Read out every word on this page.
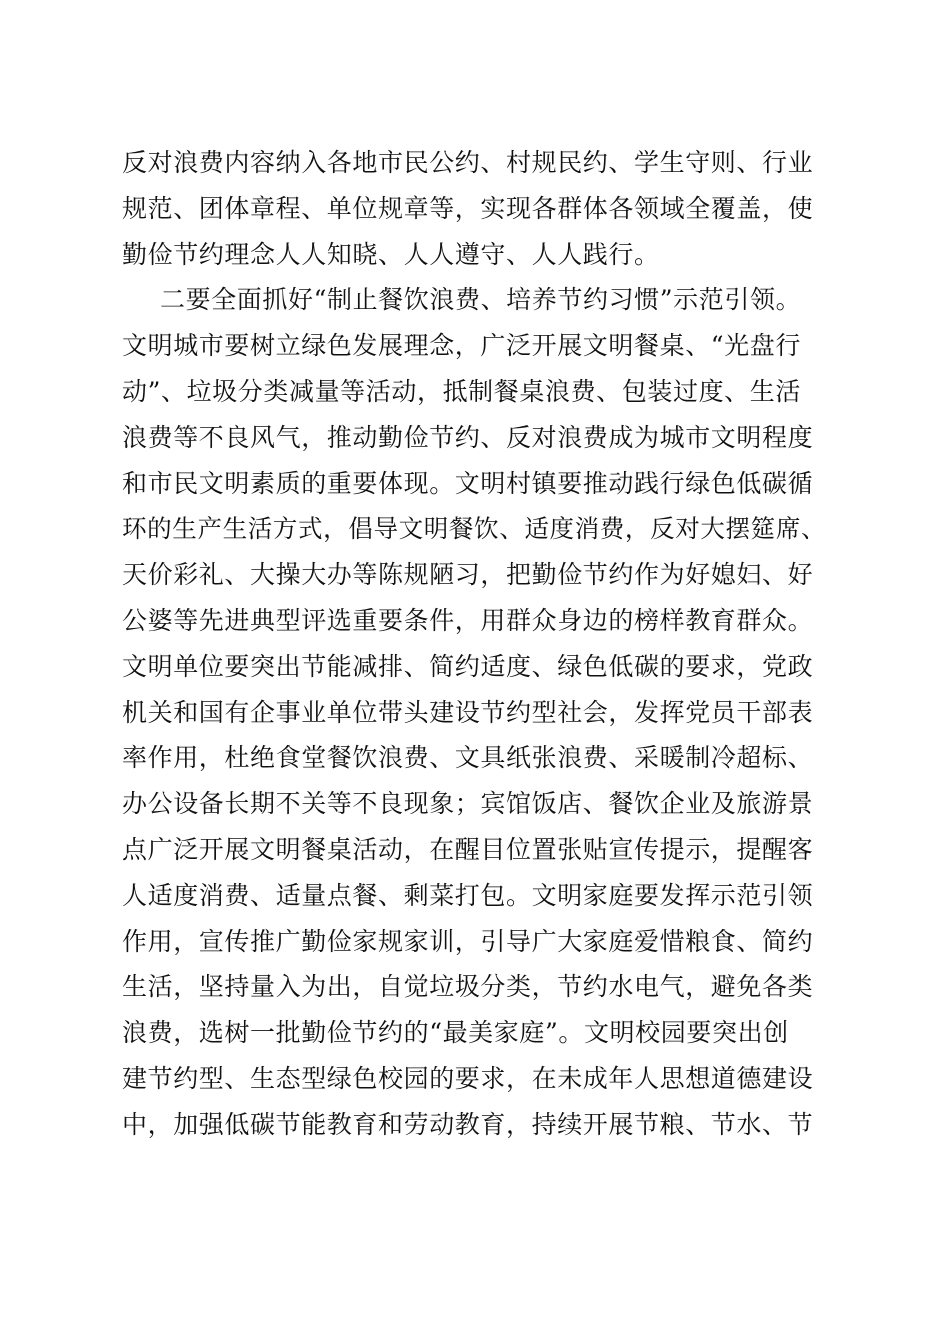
反对浪费内容纳入各地市民公约、村规民约、学生守则、行业
规范、团体章程、单位规章等，实现各群体各领域全覆盖，使
勤俭节约理念人人知晓、人人遵守、人人践行。
二要全面抓好“制止餐饮浪费、培养节约习惯”示范引领。
文明城市要树立绿色发展理念，广泛开展文明餐桌、“光盘行
动”、垃圾分类减量等活动，抵制餐桌浪费、包装过度、生活
浪费等不良风气，推动勤俭节约、反对浪费成为城市文明程度
和市民文明素质的重要体现。文明村镇要推动践行绿色低碳循
环的生产生活方式，倡导文明餐饮、适度消费，反对大摆筵席、
天价彩礼、大操大办等陈规陋习，把勤俭节约作为好媳妇、好
公婆等先进典型评选重要条件，用群众身边的榜样教育群众。
文明单位要突出节能减排、简约适度、绿色低碳的要求，党政
机关和国有企事业单位带头建设节约型社会，发挥党员干部表
率作用，杜绝食堂餐饮浪费、文具纸张浪费、采暖制冷超标、
办公设备长期不关等不良现象；宾馆饭店、餐饮企业及旅游景
点广泛开展文明餐桌活动，在醒目位置张贴宣传提示，提醒客
人适度消费、适量点餐、剩菜打包。文明家庭要发挥示范引领
作用，宣传推广勤俭家规家训，引导广大家庭爱惜粮食、简约
生活，坚持量入为出，自觉垃圾分类，节约水电气，避免各类
浪费，选树一批勤俭节约的“最美家庭”。文明校园要突出创
建节约型、生态型绿色校园的要求，在未成年人思想道德建设
中，加强低碳节能教育和劳动教育，持续开展节粮、节水、节
